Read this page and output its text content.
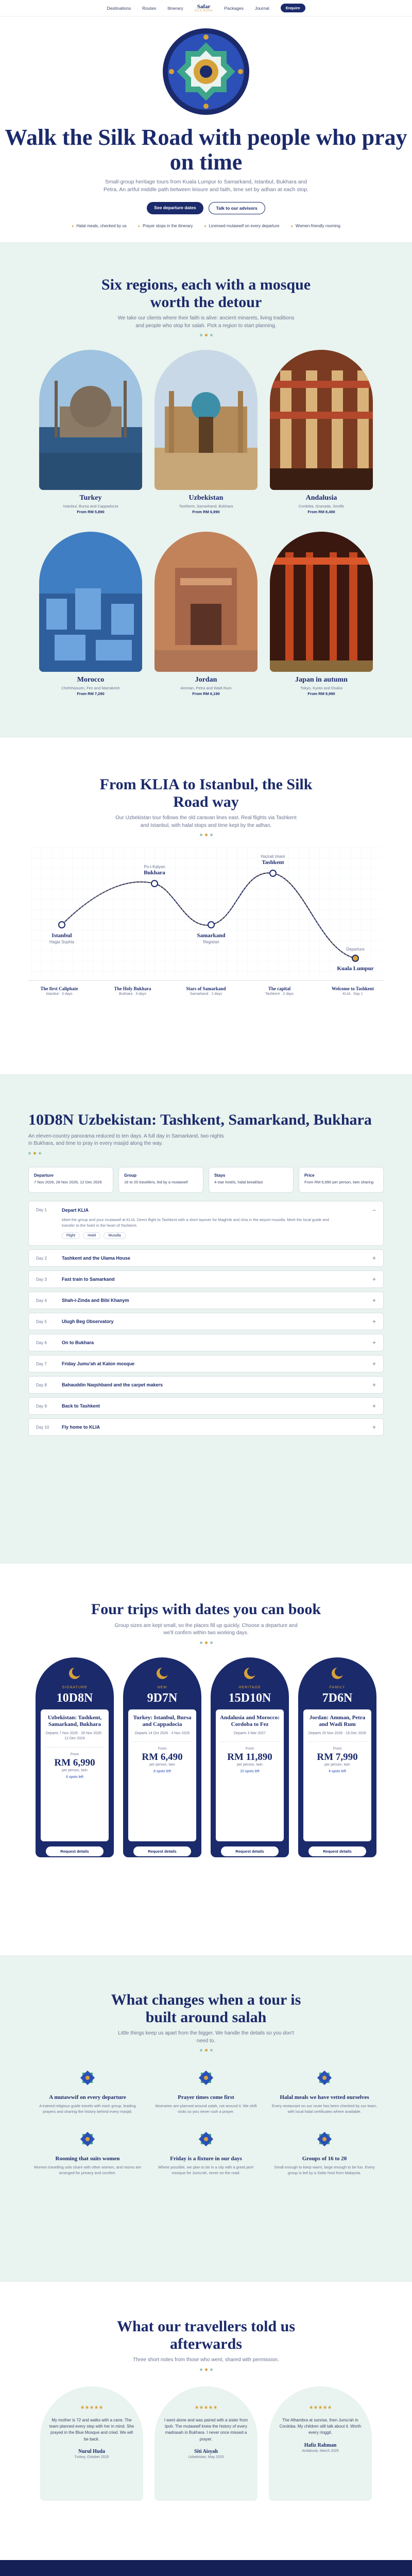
Destinations	Routes	Itinerary Safar
SILK ROAD	Packages	Journal	Enquire
Walk the Silk Road with people who pray on time

Small-group heritage tours from Kuala Lumpur to Samarkand, Istanbul, Bukhara and Petra. An artful middle path between leisure and faith, time set by adhan at each stop.

See departure dates	Talk to our advisors
● Halal meals, checked by us	● Prayer stops in the itinerary	● Licensed mutawwif on every departure	● Women-friendly rooming
Six regions, each with a mosque worth the detour

We take our clients where their faith is alive: ancient minarets, living traditions and people who stop for salah. Pick a region to start planning.

Turkey
Istanbul, Bursa and Cappadocia
From RM 5,890
Uzbekistan
Tashkent, Samarkand, Bukhara
From RM 6,990
Andalusia
Cordoba, Granada, Seville
From RM 8,490
Morocco
Chefchaouen, Fez and Marrakesh
From RM 7,290
Jordan
Amman, Petra and Wadi Rum
From RM 6,190
Japan in autumn
Tokyo, Kyoto and Osaka
From RM 9,990
From KLIA to Istanbul, the Silk Road way

Our Uzbekistan tour follows the old caravan lines east. Real flights via Tashkent and Istanbul, with halal stops and time kept by the adhan.

Istanbul
Hagia Sophia
Bukhara
Po-i-Kalyan
Samarkand
Registan
Tashkent
Hazrati Imam
Kuala Lumpur
Departure
The first Caliphate
Istanbul · 3 days
The Holy Bukhara
Bukhara · 3 days
Stars of Samarkand
Samarkand · 2 days
The capital
Tashkent · 2 days
Welcome to Tashkent
KLIA · Day 1
10D8N Uzbekistan: Tashkent, Samarkand, Bukhara

An eleven-country panorama reduced to ten days. A full day in Samarkand, two nights in Bukhara, and time to pray in every masjid along the way.

Departure
7 Nov 2026, 28 Nov 2026, 12 Dec 2026
Group
16 to 20 travellers, led by a mutawwif
Stays
4-star hotels, halal breakfast
Price
From RM 6,990 per person, twin sharing
Day 1	Depart KLIA	−
Meet the group and your mutawwif at KLIA. Direct flight to Tashkent with a short layover for Maghrib and Isha in the airport musolla. Meet the local guide and transfer to the hotel in the heart of Tashkent.
Flight	Hotel	Musolla
Day 2	Tashkent and the Ulama House	+
Day 3	Fast train to Samarkand	+
Day 4	Shah-i-Zinda and Bibi Khanym	+
Day 5	Ulugh Beg Observatory	+
Day 6	On to Bukhara	+
Day 7	Friday Jumu'ah at Kalon mosque	+
Day 8	Bahauddin Naqshband and the carpet makers	+
Day 9	Back to Tashkent	+
Day 10	Fly home to KLIA	+
Four trips with dates you can book

Group sizes are kept small, so the places fill up quickly. Choose a departure and we'll confirm within two working days.

SIGNATURE
10D8N
Uzbekistan: Tashkent, Samarkand, Bukhara
Departs 7 Nov 2026 · 28 Nov 2026 · 12 Dec 2026
From
RM 6,990
per person, twin
6 spots left
Request details
NEW
9D7N
Turkey: Istanbul, Bursa and Cappadocia
Departs 14 Oct 2026 · 4 Nov 2026
From
RM 6,490
per person, twin
8 spots left
Request details
HERITAGE
15D10N
Andalusia and Morocco: Cordoba to Fez
Departs 3 Mar 2027
From
RM 11,890
per person, twin
10 spots left
Request details
FAMILY
7D6N
Jordan: Amman, Petra and Wadi Rum
Departs 20 Nov 2026 · 18 Dec 2026
From
RM 7,990
per person, twin
4 spots left
Request details
What changes when a tour is built around salah

Little things keep us apart from the bigger. We handle the details so you don't need to.

A mutawwif on every departure
A trained religious guide travels with each group, leading prayers and sharing the history behind every masjid.
Prayer times come first
Itineraries are planned around salah, not around it. We shift visits so you never rush a prayer.
Halal meals we have vetted ourselves
Every restaurant on our route has been checked by our team, with local halal certificates where available.
Rooming that suits women
Women travelling solo share with other women, and rooms are arranged for privacy and comfort.
Friday is a fixture in our days
Where possible, we plan to be in a city with a great jami' mosque for Jumu'ah, never on the road.
Groups of 16 to 20
Small enough to keep warm, large enough to be fun. Every group is led by a Safar host from Malaysia.
What our travellers told us afterwards

Three short notes from those who went, shared with permission.

★★★★★
My mother is 72 and walks with a cane. The team planned every step with her in mind. She prayed in the Blue Mosque and cried. We will be back.
Nurul Huda
Turkey, October 2025
★★★★★
I went alone and was paired with a sister from Ipoh. The mutawwif knew the history of every madrasah in Bukhara. I never once missed a prayer.
Siti Aisyah
Uzbekistan, May 2025
★★★★★
The Alhambra at sunrise, then Jumu'ah in Cordoba. My children still talk about it. Worth every ringgit.
Hafiz Rahman
Andalusia, March 2025
